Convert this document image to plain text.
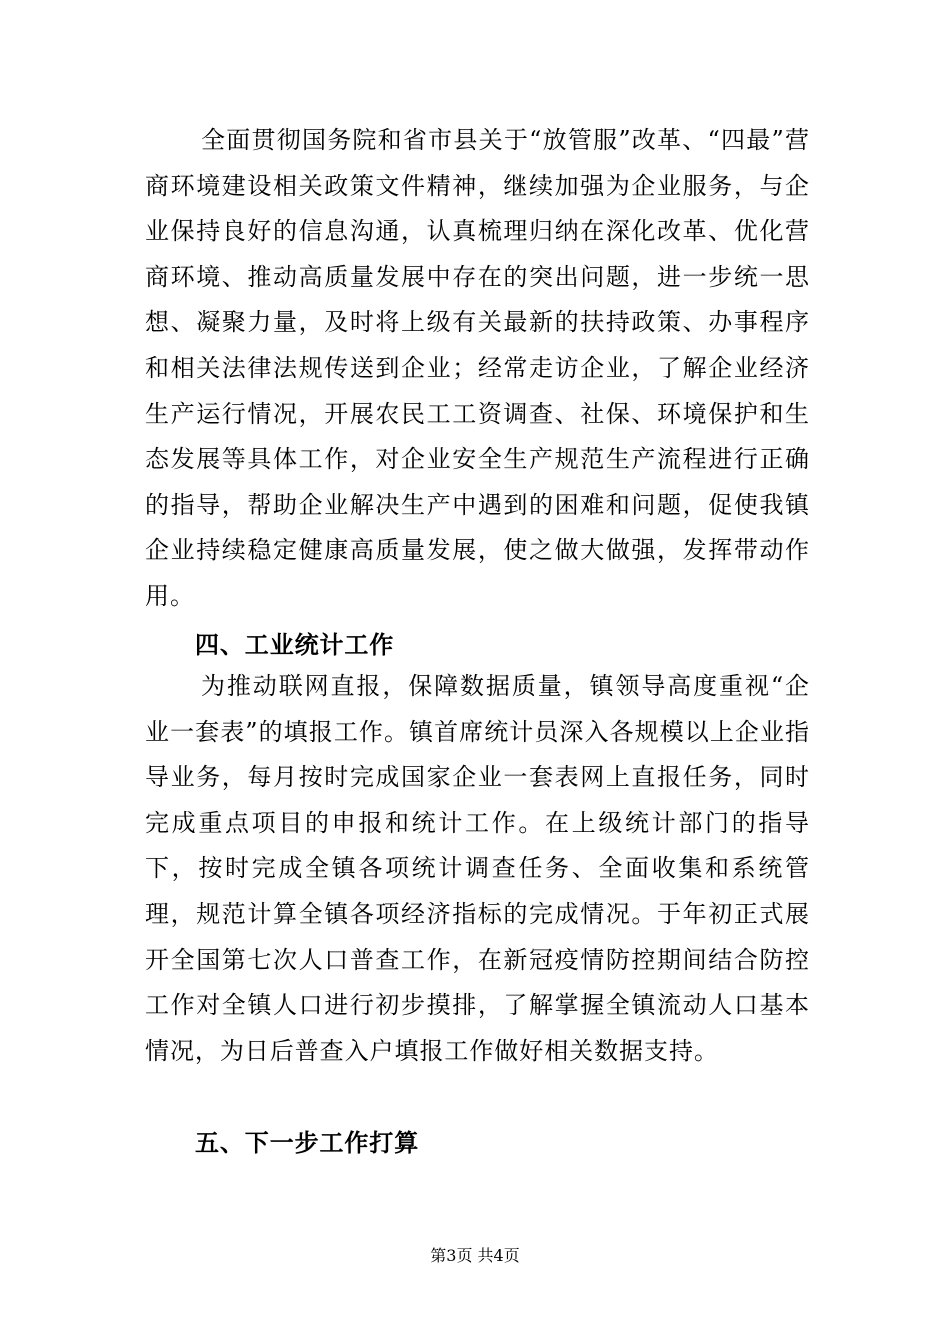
全面贯彻国务院和省市县关于“放管服”改革、“四最”营商环境建设相关政策文件精神，继续加强为企业服务，与企业保持良好的信息沟通，认真梳理归纳在深化改革、优化营商环境、推动高质量发展中存在的突出问题，进一步统一思想、凝聚力量，及时将上级有关最新的扶持政策、办事程序和相关法律法规传送到企业；经常走访企业，了解企业经济生产运行情况，开展农民工工资调查、社保、环境保护和生态发展等具体工作，对企业安全生产规范生产流程进行正确的指导，帮助企业解决生产中遇到的困难和问题，促使我镇企业持续稳定健康高质量发展，使之做大做强，发挥带动作用。

四、工业统计工作

为推动联网直报，保障数据质量，镇领导高度重视“企业一套表”的填报工作。镇首席统计员深入各规模以上企业指导业务，每月按时完成国家企业一套表网上直报任务，同时完成重点项目的申报和统计工作。在上级统计部门的指导下，按时完成全镇各项统计调查任务、全面收集和系统管理，规范计算全镇各项经济指标的完成情况。于年初正式展开全国第七次人口普查工作，在新冠疫情防控期间结合防控工作对全镇人口进行初步摸排，了解掌握全镇流动人口基本情况，为日后普查入户填报工作做好相关数据支持。

五、下一步工作打算

第3页 共4页
